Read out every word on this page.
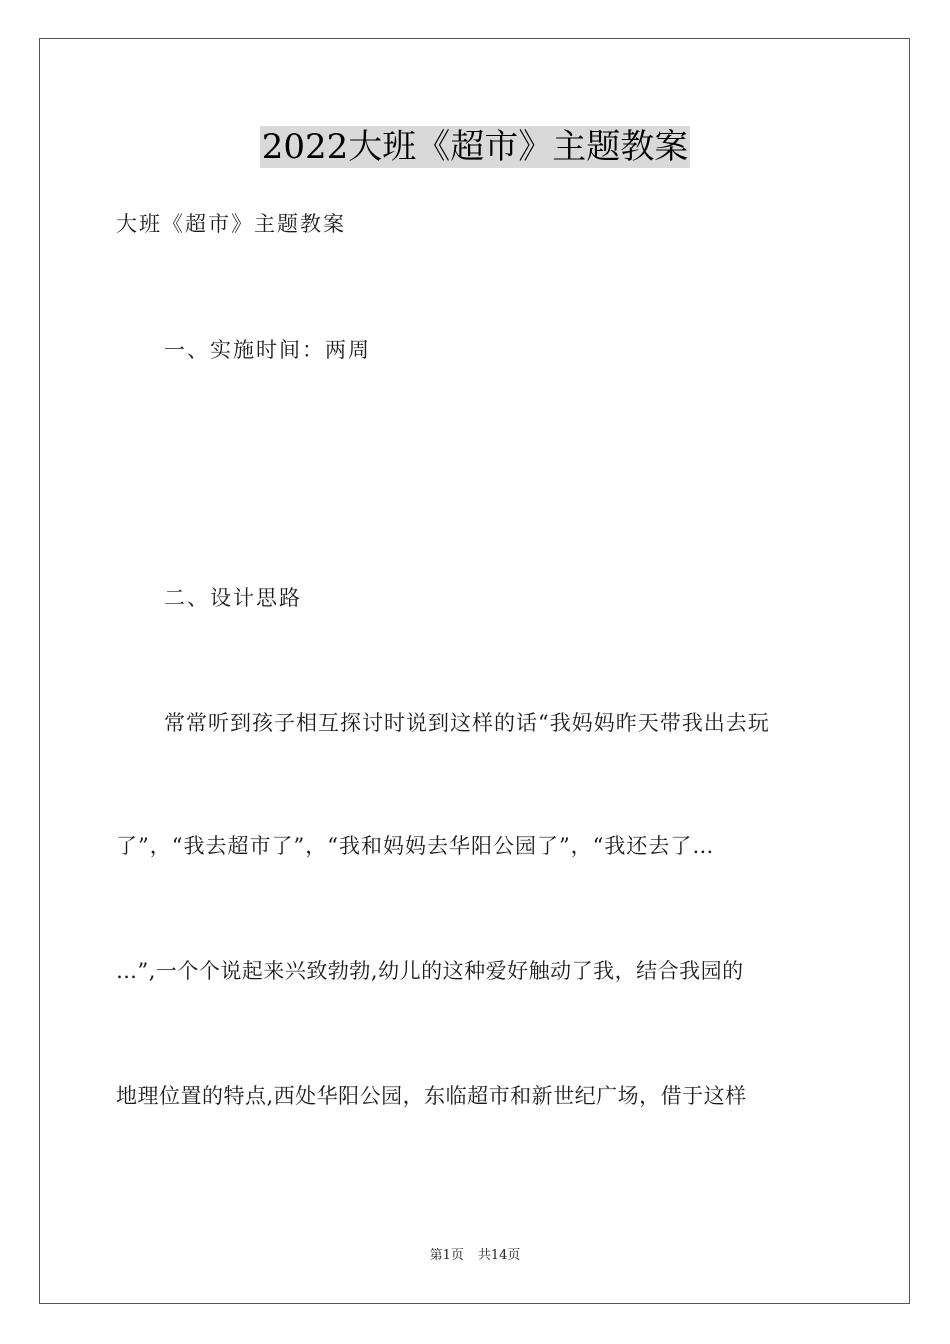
2022大班《超市》主题教案
大班《超市》主题教案
一、实施时间：两周
二、设计思路
常常听到孩子相互探讨时说到这样的话“我妈妈昨天带我出去玩
了”，“我去超市了”，“我和妈妈去华阳公园了”，“我还去了…
…”,一个个说起来兴致勃勃,幼儿的这种爱好触动了我，结合我园的
地理位置的特点,西处华阳公园，东临超市和新世纪广场，借于这样
第1页 共14页
